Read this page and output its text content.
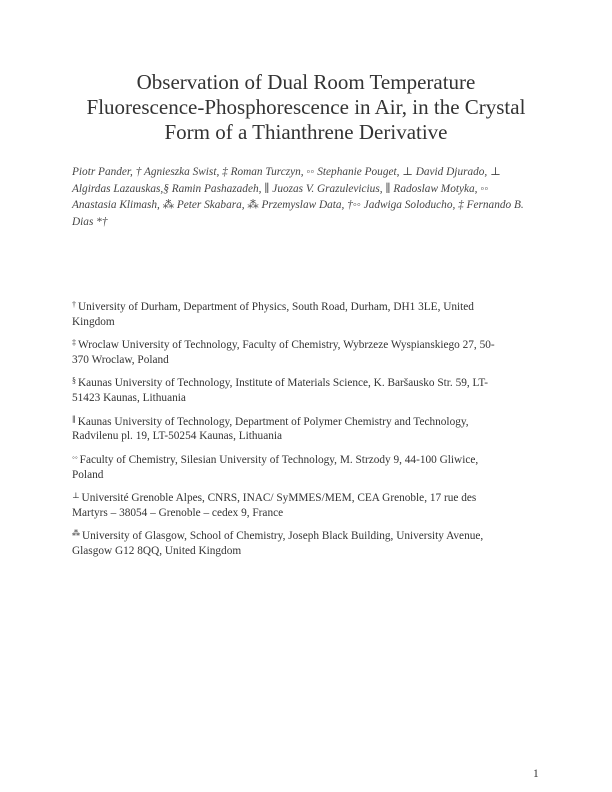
Observation of Dual Room Temperature
Fluorescence-Phosphorescence in Air, in the Crystal
Form of a Thianthrene Derivative
Piotr Pander, † Agnieszka Swist, ‡ Roman Turczyn, ◦◦ Stephanie Pouget, ⊥ David Djurado, ⊥
Algirdas Lazauskas,§ Ramin Pashazadeh, ∥ Juozas V. Grazulevicius, ∥ Radoslaw Motyka, ◦◦
Anastasia Klimash, ⁂ Peter Skabara, ⁂ Przemyslaw Data, †◦◦ Jadwiga Soloducho, ‡ Fernando B.
Dias *†
† University of Durham, Department of Physics, South Road, Durham, DH1 3LE, United
Kingdom
‡ Wroclaw University of Technology, Faculty of Chemistry, Wybrzeze Wyspianskiego 27, 50-
370 Wroclaw, Poland
§ Kaunas University of Technology, Institute of Materials Science, K. Baršausko Str. 59, LT-
51423 Kaunas, Lithuania
∥ Kaunas University of Technology, Department of Polymer Chemistry and Technology,
Radvilenu pl. 19, LT-50254 Kaunas, Lithuania
◦◦ Faculty of Chemistry, Silesian University of Technology, M. Strzody 9, 44-100 Gliwice,
Poland
⊥ Université Grenoble Alpes, CNRS, INAC/ SyMMES/MEM, CEA Grenoble, 17 rue des
Martyrs – 38054 – Grenoble – cedex 9, France
⁂ University of Glasgow, School of Chemistry, Joseph Black Building, University Avenue,
Glasgow G12 8QQ, United Kingdom
1
